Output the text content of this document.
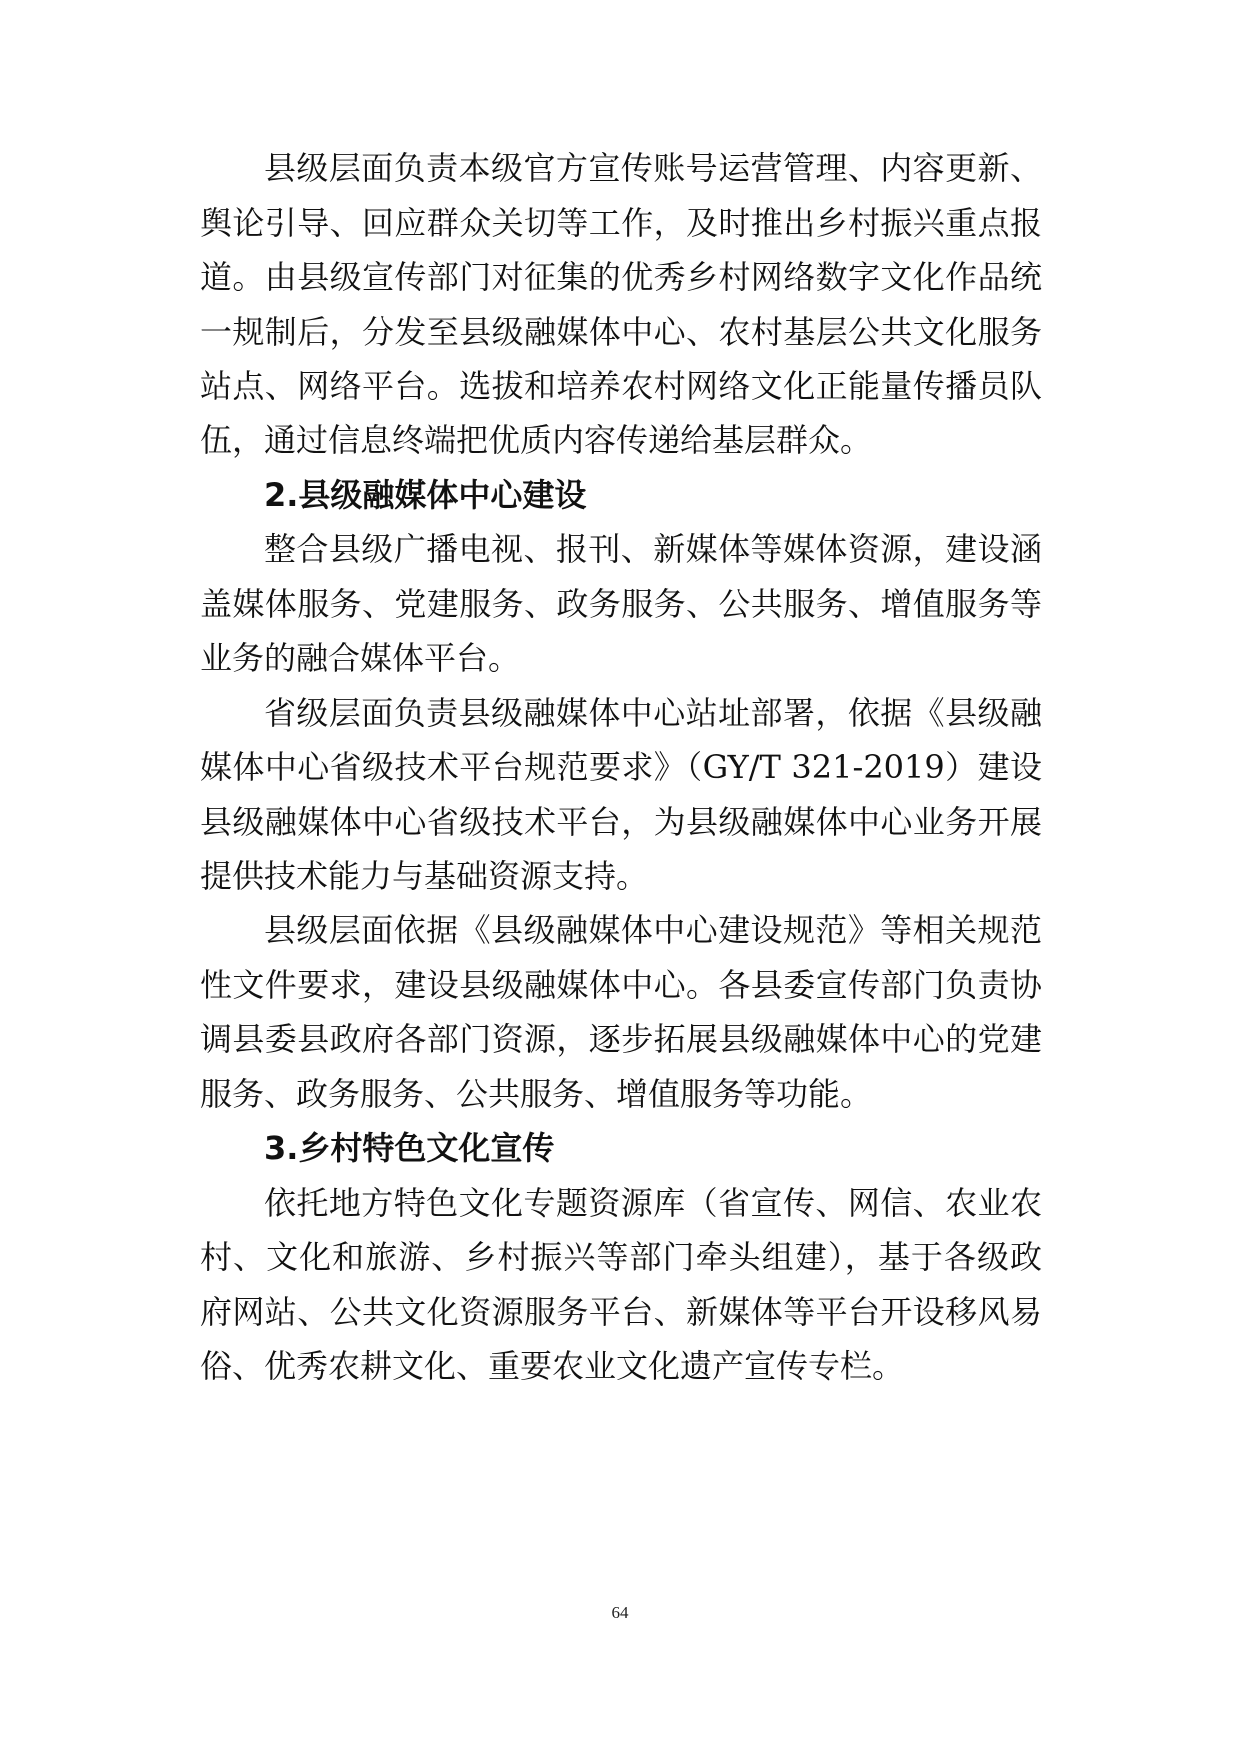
县级层面负责本级官方宣传账号运营管理、内容更新、
舆论引导、回应群众关切等工作，及时推出乡村振兴重点报
道。由县级宣传部门对征集的优秀乡村网络数字文化作品统
一规制后，分发至县级融媒体中心、农村基层公共文化服务
站点、网络平台。选拔和培养农村网络文化正能量传播员队
伍，通过信息终端把优质内容传递给基层群众。
2.县级融媒体中心建设
整合县级广播电视、报刊、新媒体等媒体资源，建设涵
盖媒体服务、党建服务、政务服务、公共服务、增值服务等
业务的融合媒体平台。
省级层面负责县级融媒体中心站址部署，依据《县级融
媒体中心省级技术平台规范要求》（GY/T 321-2019）建设
县级融媒体中心省级技术平台，为县级融媒体中心业务开展
提供技术能力与基础资源支持。
县级层面依据《县级融媒体中心建设规范》等相关规范
性文件要求，建设县级融媒体中心。各县委宣传部门负责协
调县委县政府各部门资源，逐步拓展县级融媒体中心的党建
服务、政务服务、公共服务、增值服务等功能。
3.乡村特色文化宣传
依托地方特色文化专题资源库（省宣传、网信、农业农
村、文化和旅游、乡村振兴等部门牵头组建），基于各级政
府网站、公共文化资源服务平台、新媒体等平台开设移风易
俗、优秀农耕文化、重要农业文化遗产宣传专栏。
64
